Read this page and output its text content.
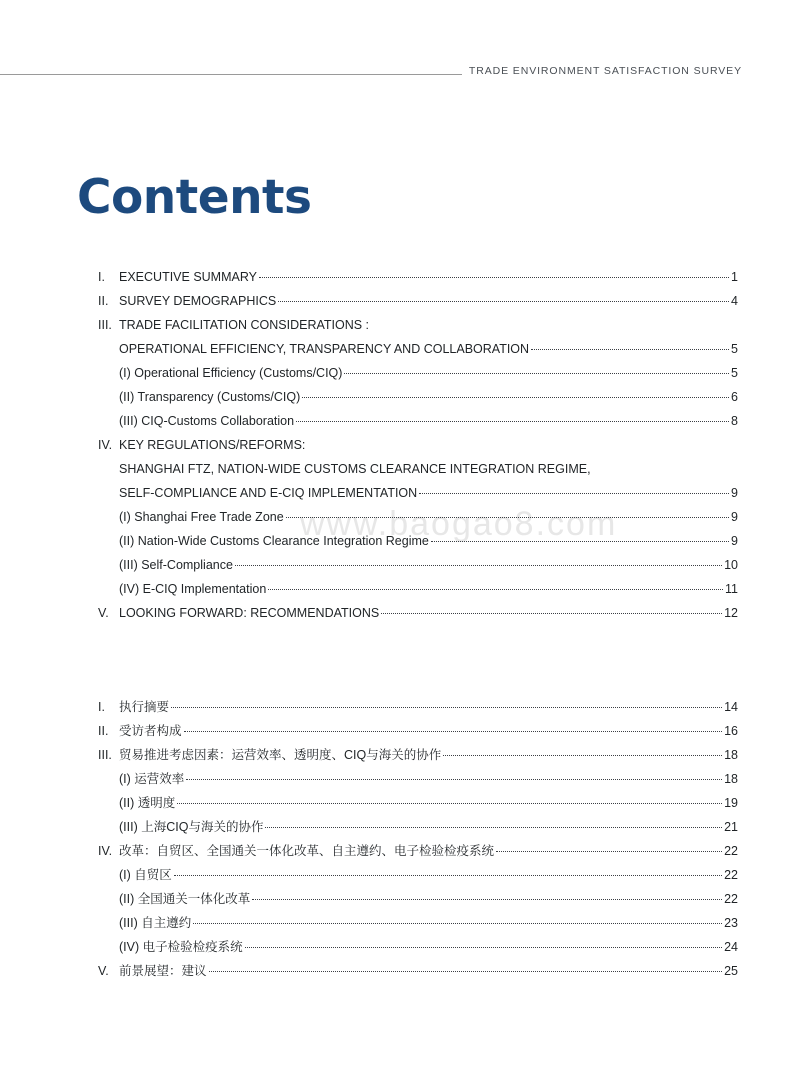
TRADE ENVIRONMENT SATISFACTION SURVEY
Contents
www.baogao8.com
I.	EXECUTIVE SUMMARY	1
II. SURVEY DEMOGRAPHICS	4
III. TRADE FACILITATION CONSIDERATIONS :
OPERATIONAL EFFICIENCY, TRANSPARENCY AND COLLABORATION	5
(I) Operational Efficiency (Customs/CIQ)	5
(II) Transparency (Customs/CIQ)	6
(III) CIQ-Customs Collaboration	8
IV. KEY REGULATIONS/REFORMS:
SHANGHAI FTZ, NATION-WIDE CUSTOMS CLEARANCE INTEGRATION REGIME,
SELF-COMPLIANCE AND E-CIQ IMPLEMENTATION	9
(I) Shanghai Free Trade Zone	9
(II) Nation-Wide Customs Clearance Integration Regime	9
(III) Self-Compliance	10
(IV) E-CIQ Implementation	11
V. LOOKING FORWARD: RECOMMENDATIONS	12
I.	执行摘要	14
II. 受访者构成	16
III. 贸易推进考虑因素：运营效率、透明度、CIQ与海关的协作	18
(I) 运营效率	18
(II) 透明度	19
(III) 上海CIQ与海关的协作	21
IV. 改革：自贸区、全国通关一体化改革、自主遵约、电子检验检疫系统	22
(I) 自贸区	22
(II) 全国通关一体化改革	22
(III) 自主遵约	23
(IV) 电子检验检疫系统	24
V. 前景展望：建议	25
